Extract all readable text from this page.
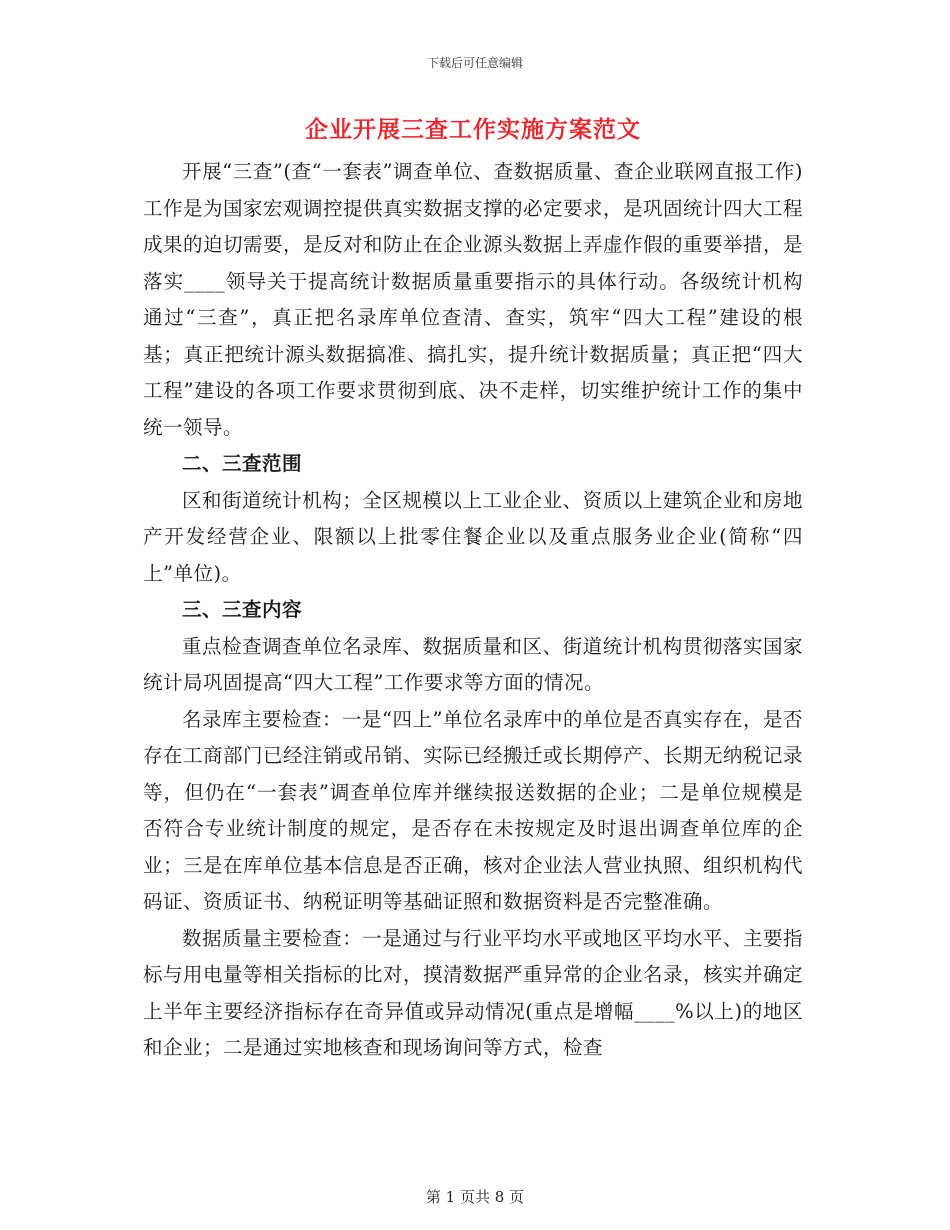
下载后可任意编辑
企业开展三查工作实施方案范文

开展“三查”(查“一套表”调查单位、查数据质量、查企业联网直报工作)工作是为国家宏观调控提供真实数据支撑的必定要求，是巩固统计四大工程成果的迫切需要，是反对和防止在企业源头数据上弄虚作假的重要举措，是落实____领导关于提高统计数据质量重要指示的具体行动。各级统计机构通过“三查”，真正把名录库单位查清、查实，筑牢“四大工程”建设的根基；真正把统计源头数据搞准、搞扎实，提升统计数据质量；真正把“四大工程”建设的各项工作要求贯彻到底、决不走样，切实维护统计工作的集中统一领导。

二、三查范围

区和街道统计机构；全区规模以上工业企业、资质以上建筑企业和房地产开发经营企业、限额以上批零住餐企业以及重点服务业企业(简称“四上”单位)。

三、三查内容

重点检查调查单位名录库、数据质量和区、街道统计机构贯彻落实国家统计局巩固提高“四大工程”工作要求等方面的情况。

名录库主要检查：一是“四上”单位名录库中的单位是否真实存在，是否存在工商部门已经注销或吊销、实际已经搬迁或长期停产、长期无纳税记录等，但仍在“一套表”调查单位库并继续报送数据的企业；二是单位规模是否符合专业统计制度的规定，是否存在未按规定及时退出调查单位库的企业；三是在库单位基本信息是否正确，核对企业法人营业执照、组织机构代码证、资质证书、纳税证明等基础证照和数据资料是否完整准确。

数据质量主要检查：一是通过与行业平均水平或地区平均水平、主要指标与用电量等相关指标的比对，摸清数据严重异常的企业名录，核实并确定上半年主要经济指标存在奇异值或异动情况(重点是增幅____%以上)的地区和企业；二是通过实地核查和现场询问等方式，检查

第 1 页共 8 页
